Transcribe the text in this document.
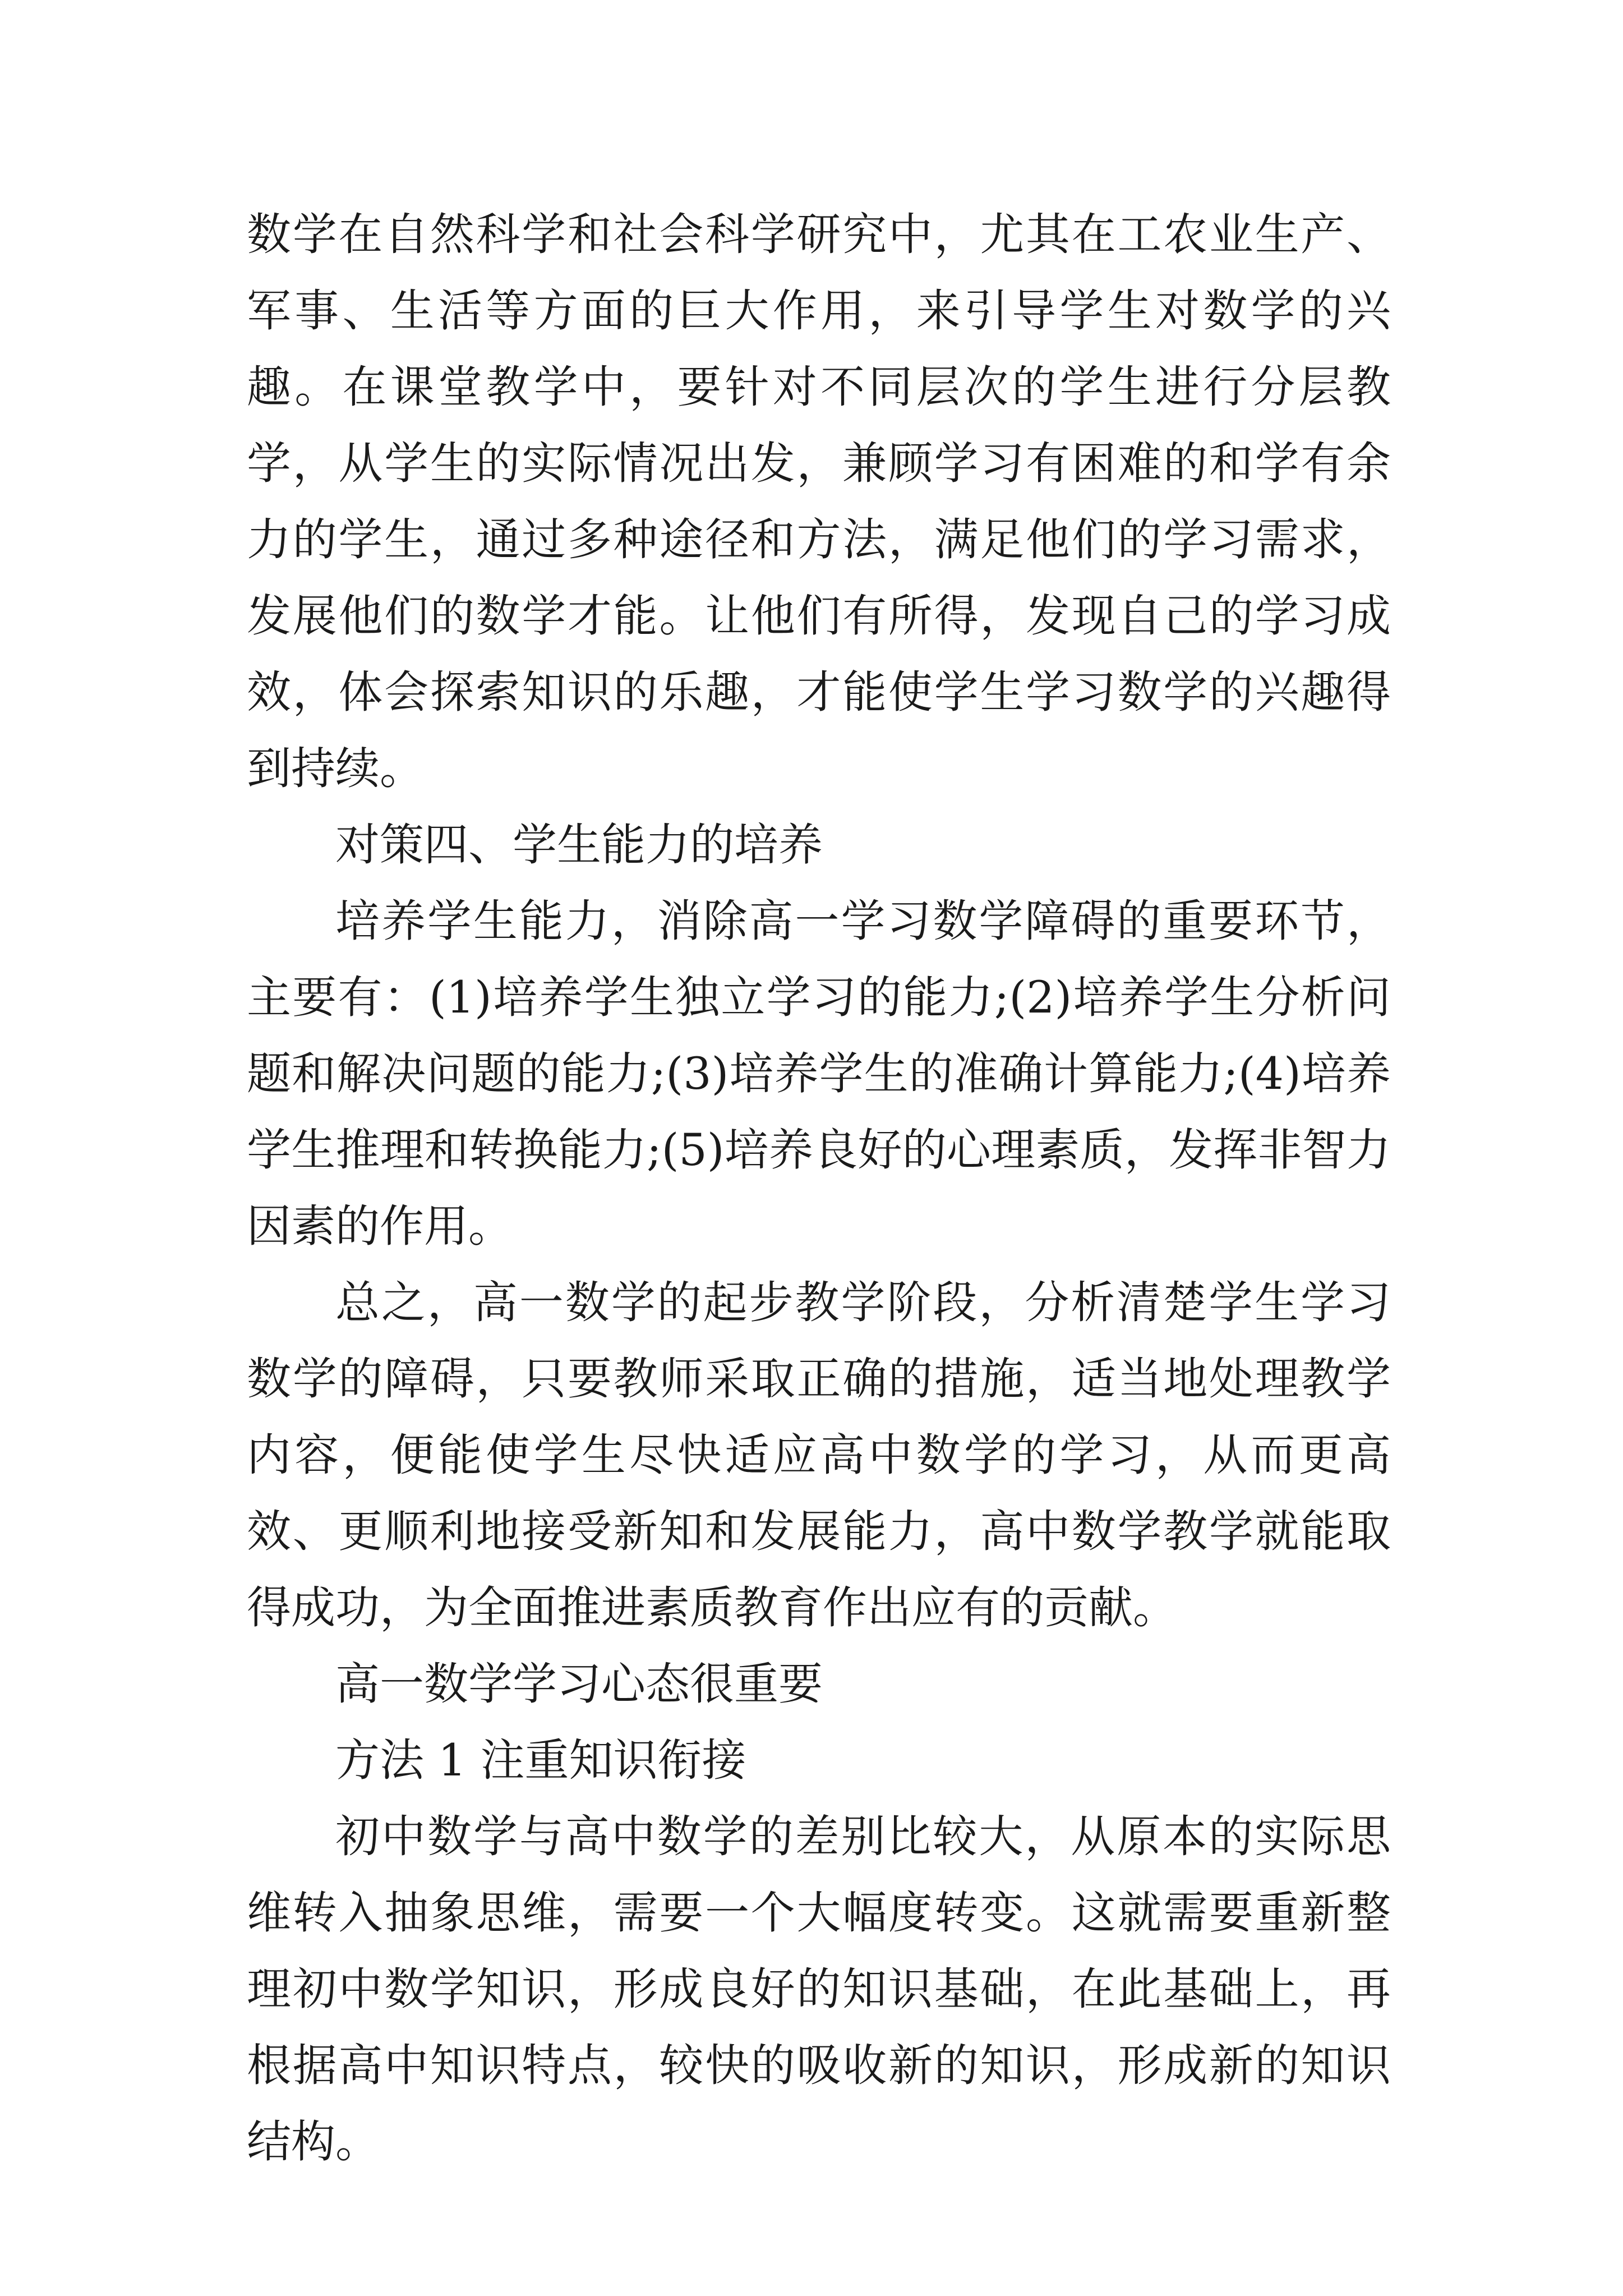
数学在自然科学和社会科学研究中，尤其在工农业生产、军事、生活等方面的巨大作用，来引导学生对数学的兴趣。在课堂教学中，要针对不同层次的学生进行分层教学，从学生的实际情况出发，兼顾学习有困难的和学有余力的学生，通过多种途径和方法，满足他们的学习需求，发展他们的数学才能。让他们有所得，发现自己的学习成效，体会探索知识的乐趣，才能使学生学习数学的兴趣得到持续。

对策四、学生能力的培养

培养学生能力，消除高一学习数学障碍的重要环节，主要有：(1)培养学生独立学习的能力;(2)培养学生分析问题和解决问题的能力;(3)培养学生的准确计算能力;(4)培养学生推理和转换能力;(5)培养良好的心理素质，发挥非智力因素的作用。

总之，高一数学的起步教学阶段，分析清楚学生学习数学的障碍，只要教师采取正确的措施，适当地处理教学内容，便能使学生尽快适应高中数学的学习，从而更高效、更顺利地接受新知和发展能力，高中数学教学就能取得成功，为全面推进素质教育作出应有的贡献。

高一数学学习心态很重要

方法 1 注重知识衔接

初中数学与高中数学的差别比较大，从原本的实际思维转入抽象思维，需要一个大幅度转变。这就需要重新整理初中数学知识，形成良好的知识基础，在此基础上，再根据高中知识特点，较快的吸收新的知识，形成新的知识结构。
